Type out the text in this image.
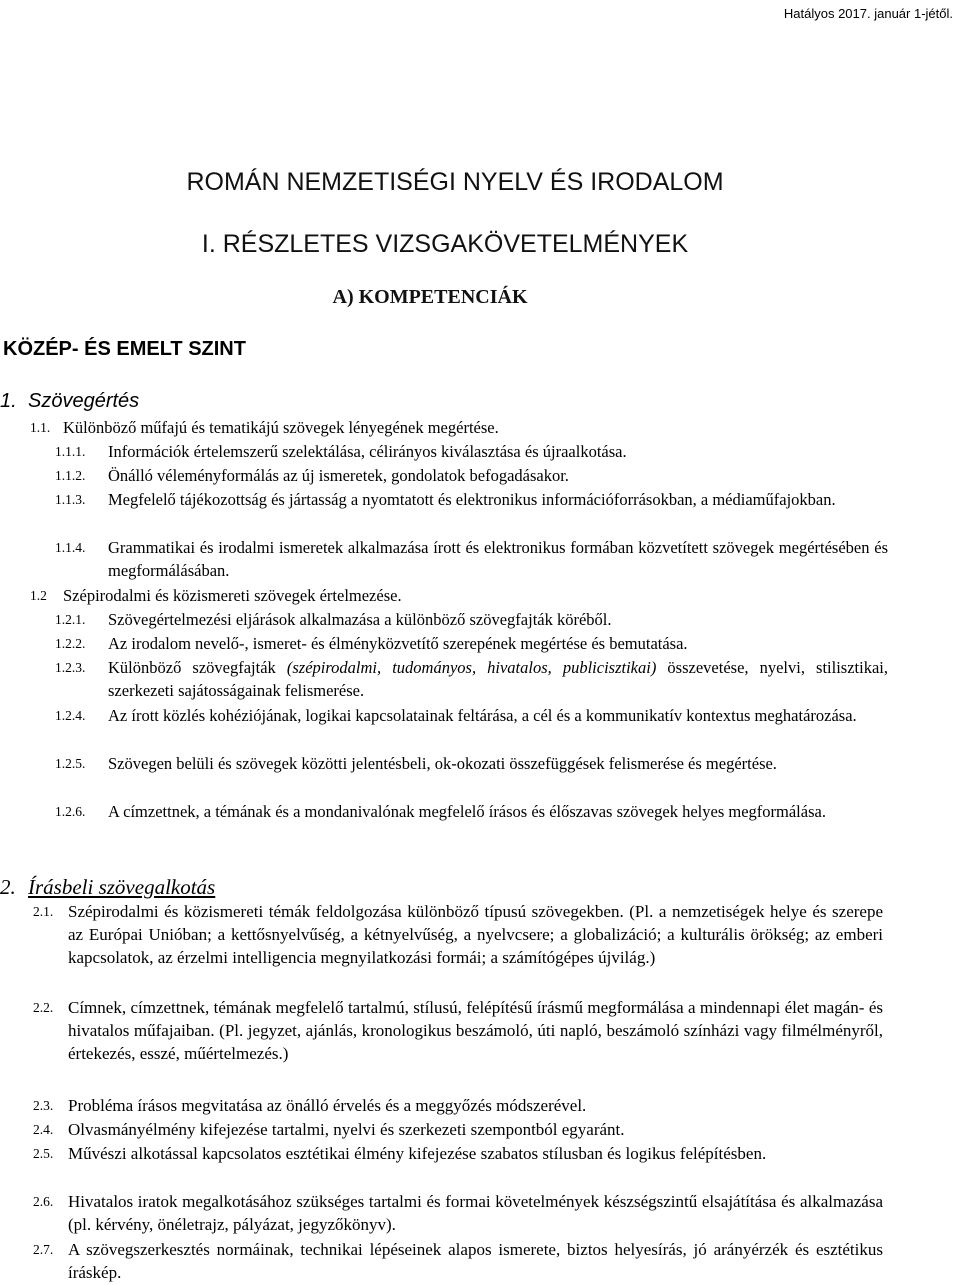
Hatályos 2017. január 1-jétől.
ROMÁN NEMZETISÉGI NYELV ÉS IRODALOM
I. RÉSZLETES VIZSGAKÖVETELMÉNYEK
A) KOMPETENCIÁK
KÖZÉP- ÉS EMELT SZINT
1. Szövegértés
2. Írásbeli szövegalkotás
1.1. Különböző műfajú és tematikájú szövegek lényegének megértése.
1.1.1. Információk értelemszerű szelektálása, célirányos kiválasztása és újraalkotása.
1.1.2. Önálló véleményformálás az új ismeretek, gondolatok befogadásakor.
1.1.3. Megfelelő tájékozottság és jártasság a nyomtatott és elektronikus információforrásokban, a médiaműfajokban.
1.1.4. Grammatikai és irodalmi ismeretek alkalmazása írott és elektronikus formában közvetített szövegek megértésében és megformálásában.
1.2 Szépirodalmi és közismereti szövegek értelmezése.
1.2.1. Szövegértelmezési eljárások alkalmazása a különböző szövegfajták köréből.
1.2.2. Az irodalom nevelő-, ismeret- és élményközvetítő szerepének megértése és bemutatása.
1.2.3. Különböző szövegfajták (szépirodalmi, tudományos, hivatalos, publicisztikai) összevetése, nyelvi, stilisztikai, szerkezeti sajátosságainak felismerése.
1.2.4. Az írott közlés kohéziójának, logikai kapcsolatainak feltárása, a cél és a kommunikatív kontextus meghatározása.
1.2.5. Szövegen belüli és szövegek közötti jelentésbeli, ok-okozati összefüggések felismerése és megértése.
1.2.6. A címzettnek, a témának és a mondanivalónak megfelelő írásos és élőszavas szövegek helyes megformálása.
2.1. Szépirodalmi és közismereti témák feldolgozása különböző típusú szövegekben. (Pl. a nemzetiségek helye és szerepe az Európai Unióban; a kettősnyelvűség, a kétnyelvűség, a nyelvcsere; a globalizáció; a kulturális örökség; az emberi kapcsolatok, az érzelmi intelligencia megnyilatkozási formái; a számítógépes újvilág.)
2.2. Címnek, címzettnek, témának megfelelő tartalmú, stílusú, felépítésű írásmű megformálása a mindennapi élet magán- és hivatalos műfajaiban. (Pl. jegyzet, ajánlás, kronologikus beszámoló, úti napló, beszámoló színházi vagy filmélményről, értekezés, esszé, műértelmezés.)
2.3. Probléma írásos megvitatása az önálló érvelés és a meggyőzés módszerével.
2.4. Olvasmányélmény kifejezése tartalmi, nyelvi és szerkezeti szempontból egyaránt.
2.5. Művészi alkotással kapcsolatos esztétikai élmény kifejezése szabatos stílusban és logikus felépítésben.
2.6. Hivatalos iratok megalkotásához szükséges tartalmi és formai követelmények készségszintű elsajátítása és alkalmazása (pl. kérvény, önéletrajz, pályázat, jegyzőkönyv).
2.7. A szövegszerkesztés normáinak, technikai lépéseinek alapos ismerete, biztos helyesírás, jó arányérzék és esztétikus íráskép.
